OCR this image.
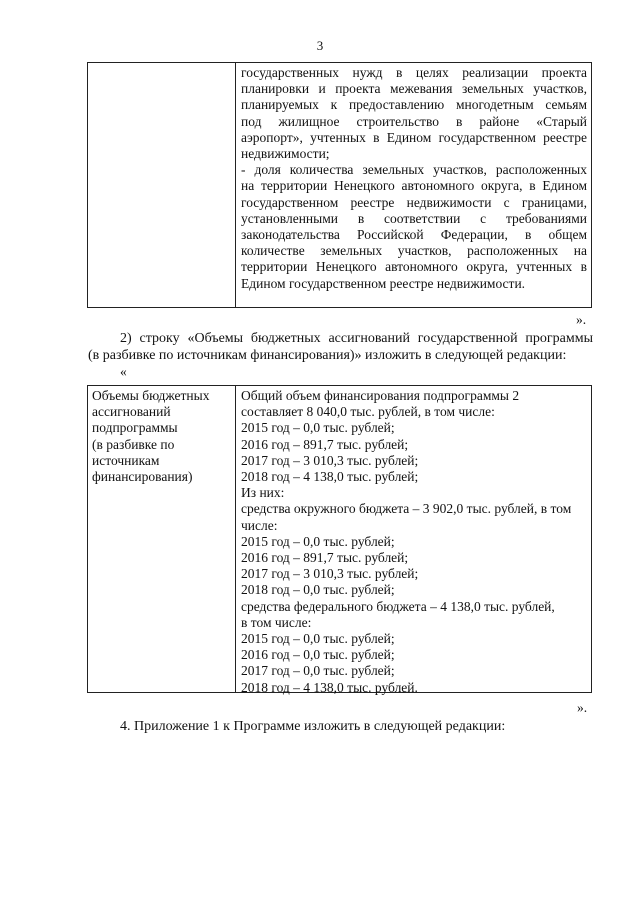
3
государственных нужд в целях реализации проекта
планировки и проекта межевания земельных участков,
планируемых к предоставлению многодетным семьям
под жилищное строительство в районе «Старый
аэропорт», учтенных в Едином государственном реестре
недвижимости;
- доля количества земельных участков, расположенных
на территории Ненецкого автономного округа, в Едином
государственном реестре недвижимости с границами,
установленными в соответствии с требованиями
законодательства Российской Федерации, в общем
количестве земельных участков, расположенных на
территории Ненецкого автономного округа, учтенных в
Едином государственном реестре недвижимости.
».
2) строку «Объемы бюджетных ассигнований государственной программы
(в разбивке по источникам финансирования)» изложить в следующей редакции:
«
Объемы бюджетных
ассигнований
подпрограммы
(в разбивке по
источникам
финансирования)
Общий объем финансирования подпрограммы 2
составляет 8 040,0 тыс. рублей, в том числе:
2015 год – 0,0 тыс. рублей;
2016 год – 891,7 тыс. рублей;
2017 год – 3 010,3 тыс. рублей;
2018 год – 4 138,0 тыс. рублей;
Из них:
средства окружного бюджета – 3 902,0 тыс. рублей, в том
числе:
2015 год – 0,0 тыс. рублей;
2016 год – 891,7 тыс. рублей;
2017 год – 3 010,3 тыс. рублей;
2018 год – 0,0 тыс. рублей;
средства федерального бюджета – 4 138,0 тыс. рублей,
в том числе:
2015 год – 0,0 тыс. рублей;
2016 год – 0,0 тыс. рублей;
2017 год – 0,0 тыс. рублей;
2018 год – 4 138,0 тыс. рублей.
».
4. Приложение 1 к Программе изложить в следующей редакции:
